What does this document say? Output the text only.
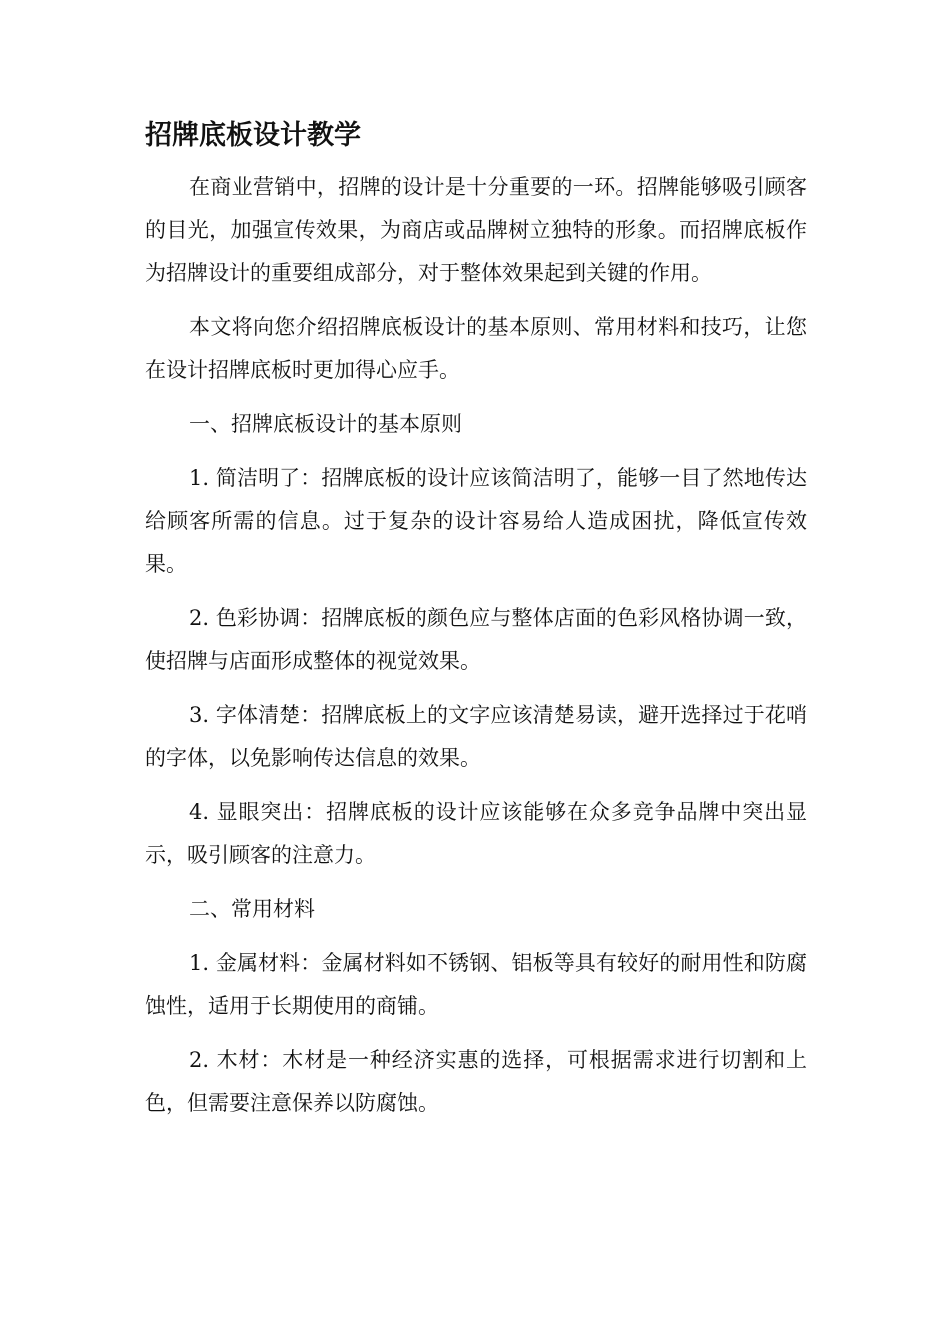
招牌底板设计教学

在商业营销中，招牌的设计是十分重要的一环。招牌能够吸引顾客的目光，加强宣传效果，为商店或品牌树立独特的形象。而招牌底板作为招牌设计的重要组成部分，对于整体效果起到关键的作用。

本文将向您介绍招牌底板设计的基本原则、常用材料和技巧，让您在设计招牌底板时更加得心应手。

一、招牌底板设计的基本原则

1. 简洁明了：招牌底板的设计应该简洁明了，能够一目了然地传达给顾客所需的信息。过于复杂的设计容易给人造成困扰，降低宣传效果。

2. 色彩协调：招牌底板的颜色应与整体店面的色彩风格协调一致，使招牌与店面形成整体的视觉效果。

3. 字体清楚：招牌底板上的文字应该清楚易读，避开选择过于花哨的字体，以免影响传达信息的效果。

4. 显眼突出：招牌底板的设计应该能够在众多竞争品牌中突出显示，吸引顾客的注意力。

二、常用材料

1. 金属材料：金属材料如不锈钢、铝板等具有较好的耐用性和防腐蚀性，适用于长期使用的商铺。

2. 木材：木材是一种经济实惠的选择，可根据需求进行切割和上色，但需要注意保养以防腐蚀。
